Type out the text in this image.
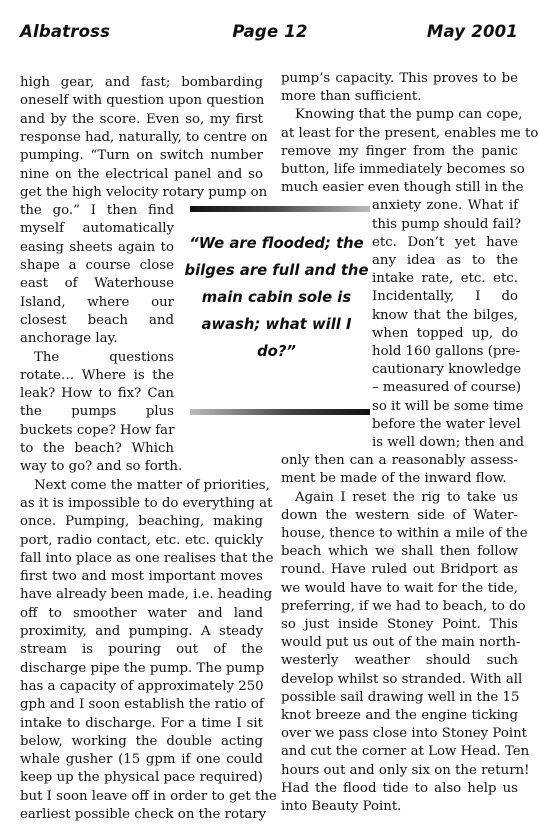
Albatross	Page 12	May 2001
“We are flooded; the bilges are full and the main cabin sole is awash; what will I do?”
high gear, and fast; bombarding
oneself with question upon question
and by the score. Even so, my first
response had, naturally, to centre on
pumping. “Turn on switch number
nine on the electrical panel and so
get the high velocity rotary pump on
the go.” I then find
myself automatically
easing sheets again to
shape a course close
east of Waterhouse
Island, where our
closest beach and
anchorage lay.
The questions
rotate… Where is the
leak? How to fix? Can
the pumps plus
buckets cope? How far
to the beach? Which
way to go? and so forth.
Next come the matter of priorities,
as it is impossible to do everything at
once. Pumping, beaching, making
port, radio contact, etc. etc. quickly
fall into place as one realises that the
first two and most important moves
have already been made, i.e. heading
off to smoother water and land
proximity, and pumping. A steady
stream is pouring out of the
discharge pipe the pump. The pump
has a capacity of approximately 250
gph and I soon establish the ratio of
intake to discharge. For a time I sit
below, working the double acting
whale gusher (15 gpm if one could
keep up the physical pace required)
but I soon leave off in order to get the
earliest possible check on the rotary
pump’s capacity. This proves to be
more than sufficient.
Knowing that the pump can cope,
at least for the present, enables me to
remove my finger from the panic
button, life immediately becomes so
much easier even though still in the
anxiety zone. What if
this pump should fail?
etc. Don’t yet have
any idea as to the
intake rate, etc. etc.
Incidentally, I do
know that the bilges,
when topped up, do
hold 160 gallons (pre-
cautionary knowledge
– measured of course)
so it will be some time
before the water level
is well down; then and
only then can a reasonably assess-
ment be made of the inward flow.
Again I reset the rig to take us
down the western side of Water-
house, thence to within a mile of the
beach which we shall then follow
round. Have ruled out Bridport as
we would have to wait for the tide,
preferring, if we had to beach, to do
so just inside Stoney Point. This
would put us out of the main north-
westerly weather should such
develop whilst so stranded. With all
possible sail drawing well in the 15
knot breeze and the engine ticking
over we pass close into Stoney Point
and cut the corner at Low Head. Ten
hours out and only six on the return!
Had the flood tide to also help us
into Beauty Point.
